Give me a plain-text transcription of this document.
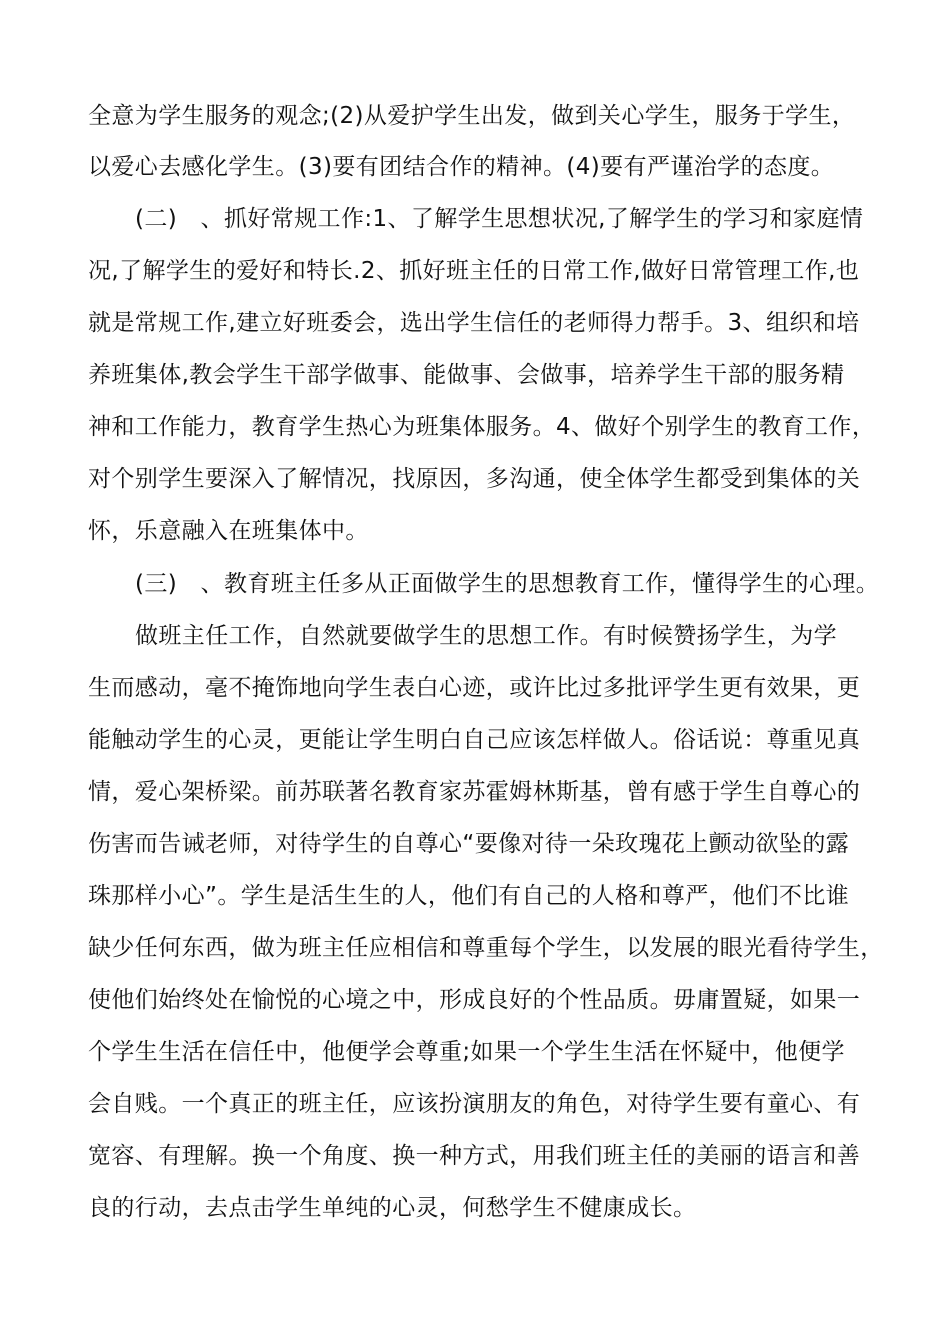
全意为学生服务的观念;(2)从爱护学生出发，做到关心学生，服务于学生，
以爱心去感化学生。(3)要有团结合作的精神。(4)要有严谨治学的态度。
(二)　、抓好常规工作:1、了解学生思想状况,了解学生的学习和家庭情
况,了解学生的爱好和特长.2、抓好班主任的日常工作,做好日常管理工作,也
就是常规工作,建立好班委会，选出学生信任的老师得力帮手。3、组织和培
养班集体,教会学生干部学做事、能做事、会做事，培养学生干部的服务精
神和工作能力，教育学生热心为班集体服务。4、做好个别学生的教育工作，
对个别学生要深入了解情况，找原因，多沟通，使全体学生都受到集体的关
怀，乐意融入在班集体中。
(三)　、教育班主任多从正面做学生的思想教育工作，懂得学生的心理。
做班主任工作，自然就要做学生的思想工作。有时候赞扬学生，为学
生而感动，毫不掩饰地向学生表白心迹，或许比过多批评学生更有效果，更
能触动学生的心灵，更能让学生明白自己应该怎样做人。俗话说：尊重见真
情，爱心架桥梁。前苏联著名教育家苏霍姆林斯基，曾有感于学生自尊心的
伤害而告诫老师，对待学生的自尊心“要像对待一朵玫瑰花上颤动欲坠的露
珠那样小心”。学生是活生生的人，他们有自己的人格和尊严，他们不比谁
缺少任何东西，做为班主任应相信和尊重每个学生，以发展的眼光看待学生，
使他们始终处在愉悦的心境之中，形成良好的个性品质。毋庸置疑，如果一
个学生生活在信任中，他便学会尊重;如果一个学生生活在怀疑中，他便学
会自贱。一个真正的班主任，应该扮演朋友的角色，对待学生要有童心、有
宽容、有理解。换一个角度、换一种方式，用我们班主任的美丽的语言和善
良的行动，去点击学生单纯的心灵，何愁学生不健康成长。
